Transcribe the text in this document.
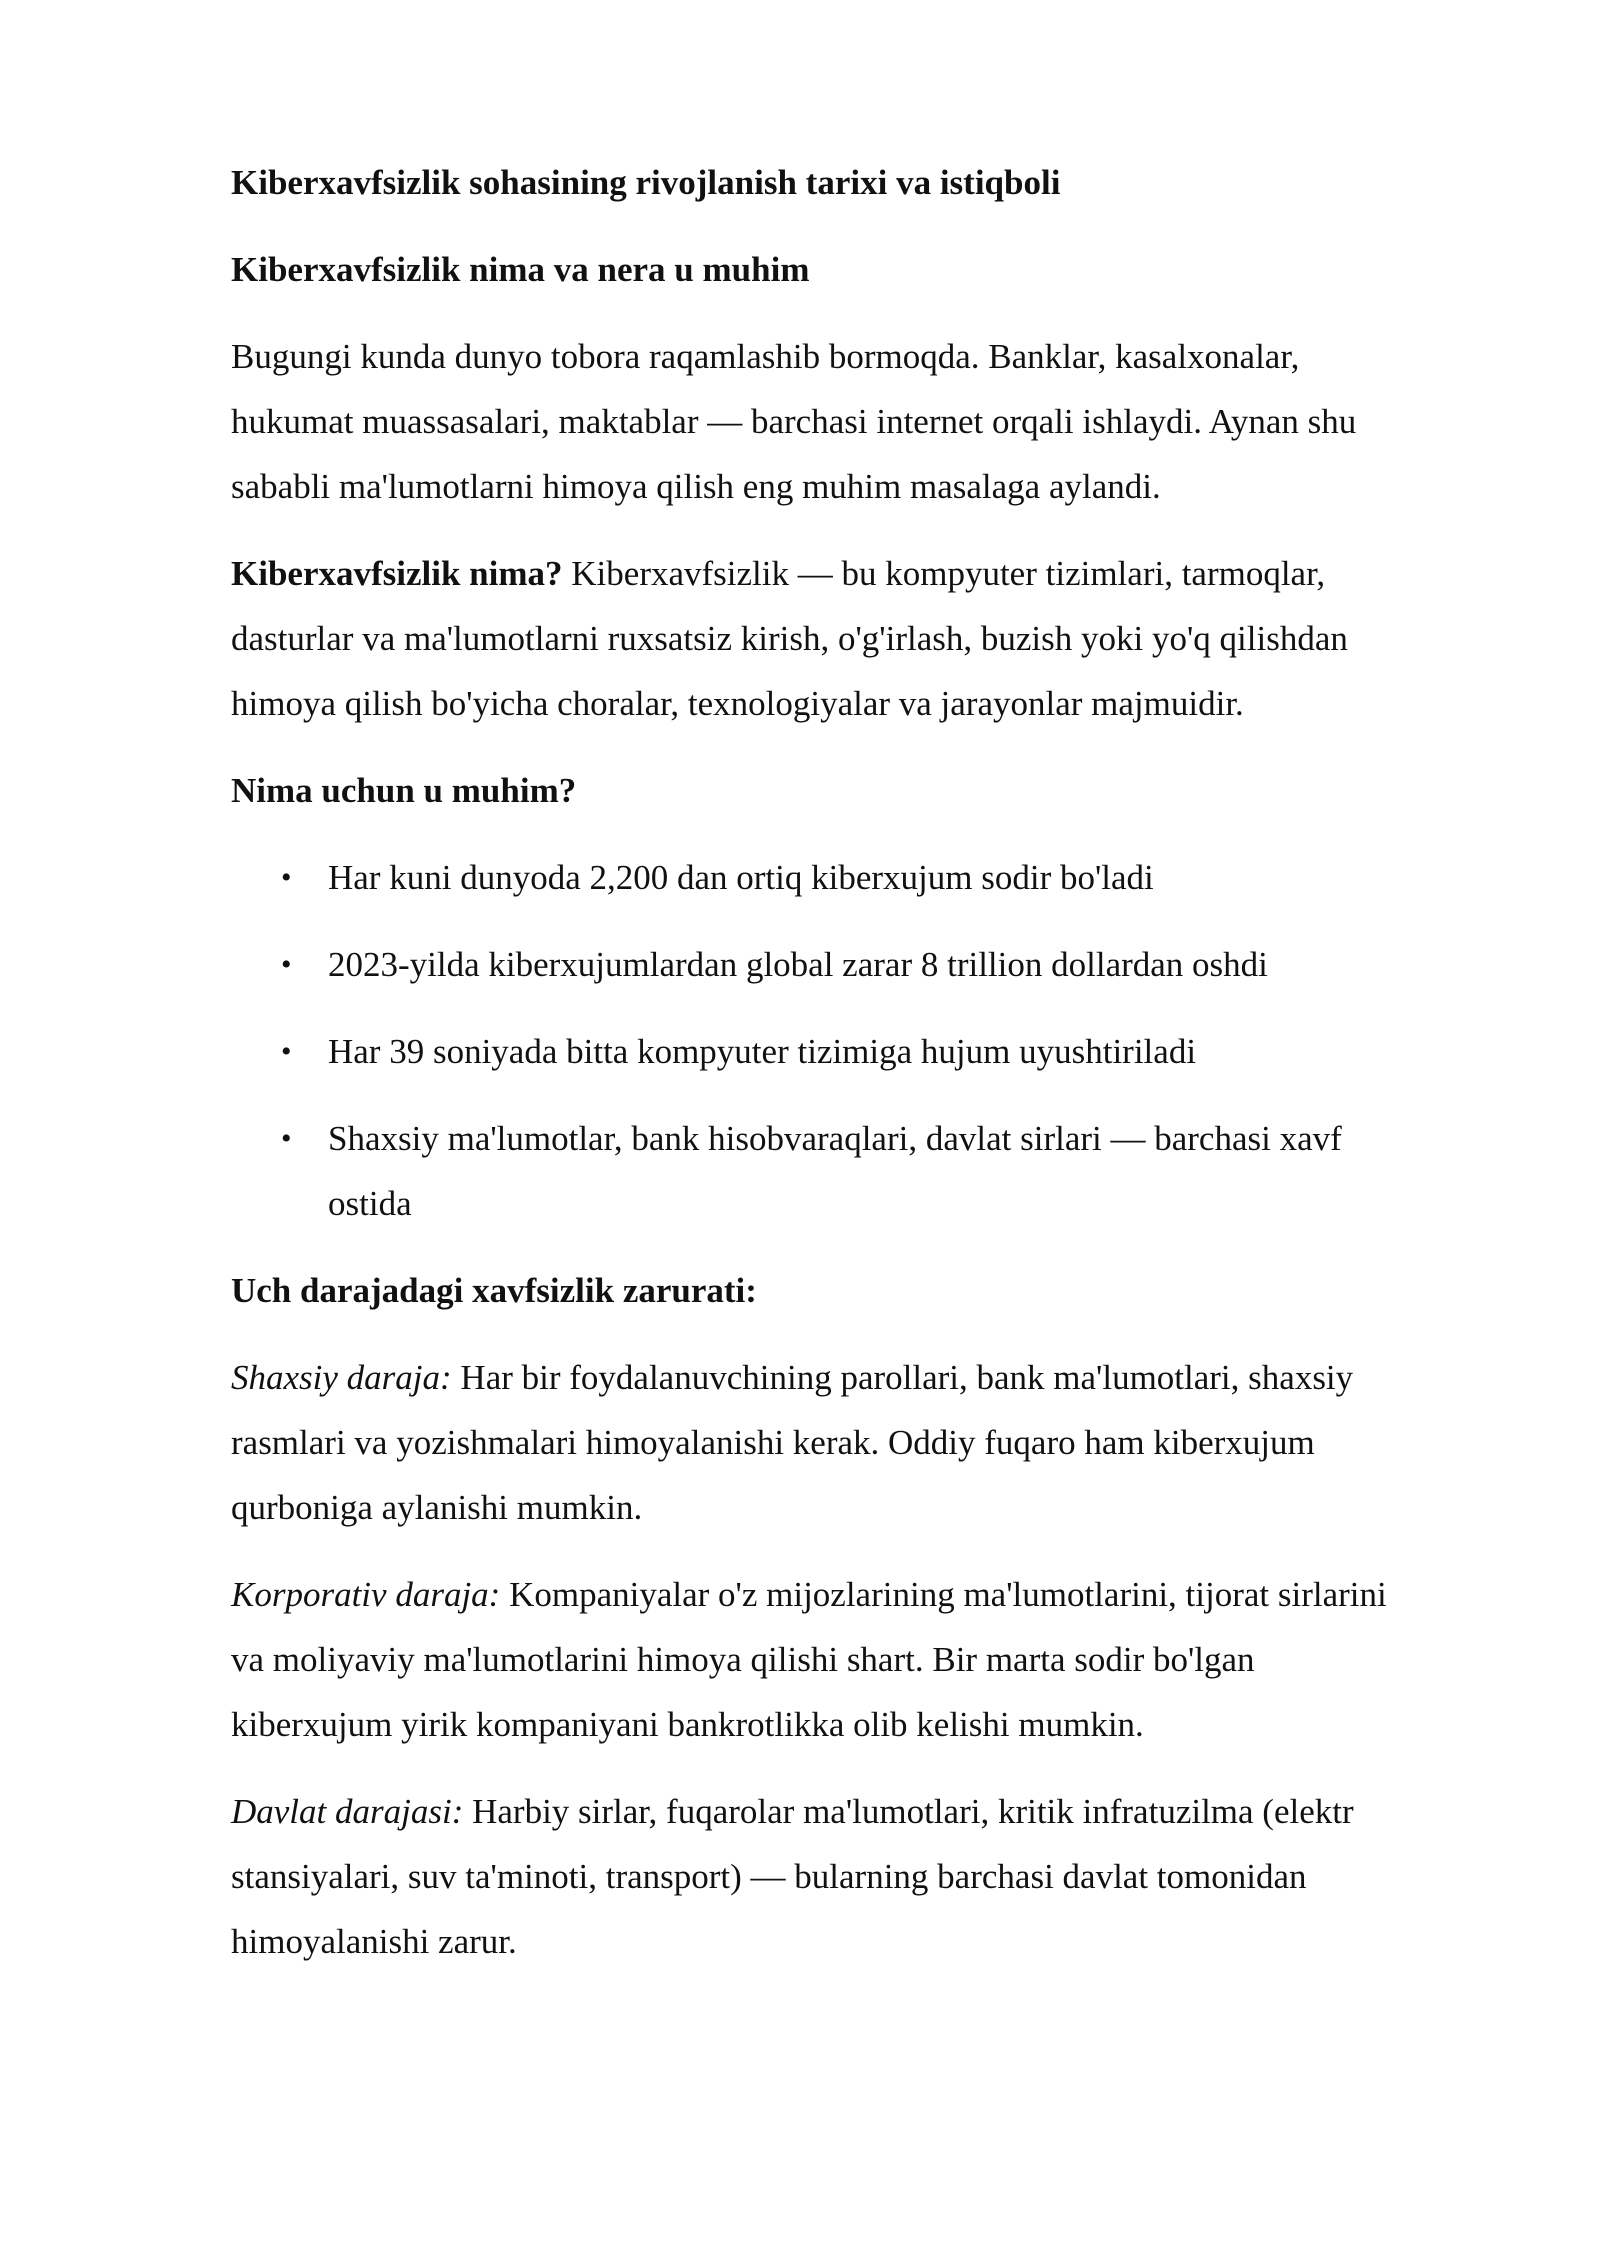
Kiberxavfsizlik sohasining rivojlanish tarixi va istiqboli

Kiberxavfsizlik nima va nera u muhim

Bugungi kunda dunyo tobora raqamlashib bormoqda. Banklar, kasalxonalar, hukumat muassasalari, maktablar — barchasi internet orqali ishlaydi. Aynan shu sababli ma'lumotlarni himoya qilish eng muhim masalaga aylandi.

Kiberxavfsizlik nima? Kiberxavfsizlik — bu kompyuter tizimlari, tarmoqlar, dasturlar va ma'lumotlarni ruxsatsiz kirish, o'g'irlash, buzish yoki yo'q qilishdan himoya qilish bo'yicha choralar, texnologiyalar va jarayonlar majmuidir.

Nima uchun u muhim?

• Har kuni dunyoda 2,200 dan ortiq kiberxujum sodir bo'ladi
• 2023-yilda kiberxujumlardan global zarar 8 trillion dollardan oshdi
• Har 39 soniyada bitta kompyuter tizimiga hujum uyushtiriladi
• Shaxsiy ma'lumotlar, bank hisobvaraqlari, davlat sirlari — barchasi xavf ostida

Uch darajadagi xavfsizlik zarurati:

Shaxsiy daraja: Har bir foydalanuvchining parollari, bank ma'lumotlari, shaxsiy rasmlari va yozishmalari himoyalanishi kerak. Oddiy fuqaro ham kiberxujum qurboniga aylanishi mumkin.

Korporativ daraja: Kompaniyalar o'z mijozlarining ma'lumotlarini, tijorat sirlarini va moliyaviy ma'lumotlarini himoya qilishi shart. Bir marta sodir bo'lgan kiberxujum yirik kompaniyani bankrotlikka olib kelishi mumkin.

Davlat darajasi: Harbiy sirlar, fuqarolar ma'lumotlari, kritik infratuzilma (elektr stansiyalari, suv ta'minoti, transport) — bularning barchasi davlat tomonidan himoyalanishi zarur.
